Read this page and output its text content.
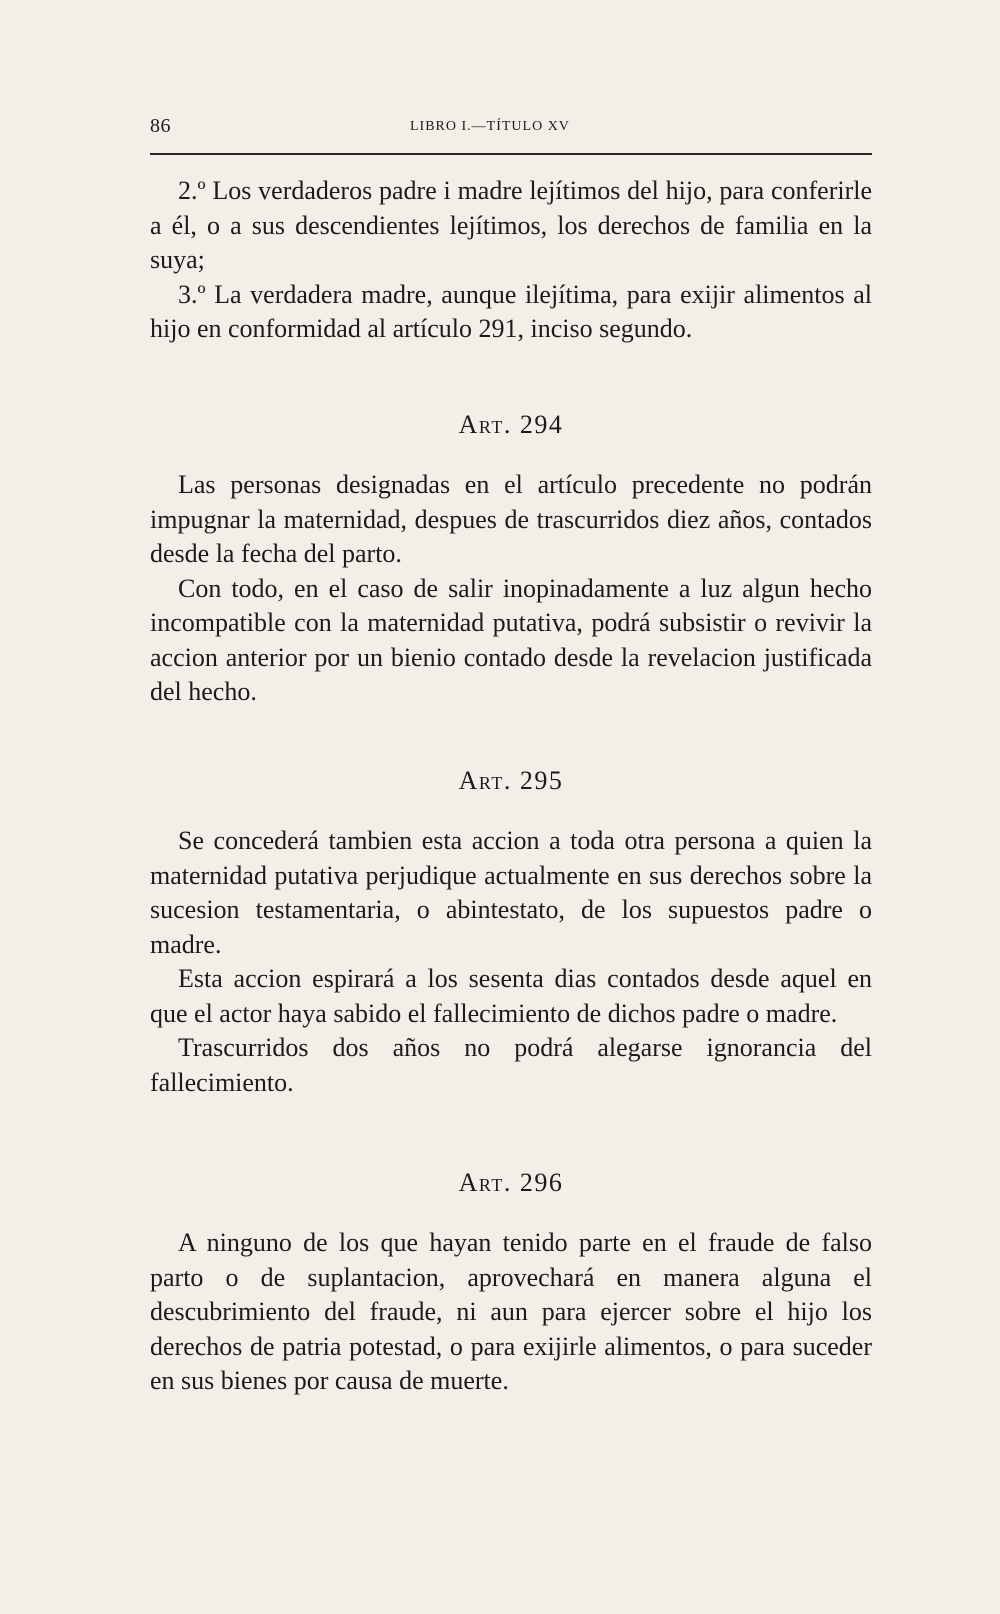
86	LIBRO I.—TÍTULO XV

2.º Los verdaderos padre i madre lejítimos del hijo, para conferirle a él, o a sus descendientes lejítimos, los derechos de familia en la suya;

3.º La verdadera madre, aunque ilejítima, para exijir alimentos al hijo en conformidad al artículo 291, inciso segundo.

Art. 294

Las personas designadas en el artículo precedente no podrán impugnar la maternidad, despues de trascurridos diez años, contados desde la fecha del parto.

Con todo, en el caso de salir inopinadamente a luz algun hecho incompatible con la maternidad putativa, podrá subsistir o revivir la accion anterior por un bienio contado desde la revelacion justificada del hecho.

Art. 295

Se concederá tambien esta accion a toda otra persona a quien la maternidad putativa perjudique actualmente en sus derechos sobre la sucesion testamentaria, o abintestato, de los supuestos padre o madre.

Esta accion espirará a los sesenta dias contados desde aquel en que el actor haya sabido el fallecimiento de dichos padre o madre.

Trascurridos dos años no podrá alegarse ignorancia del fallecimiento.

Art. 296

A ninguno de los que hayan tenido parte en el fraude de falso parto o de suplantacion, aprovechará en manera alguna el descubrimiento del fraude, ni aun para ejercer sobre el hijo los derechos de patria potestad, o para exijirle alimentos, o para suceder en sus bienes por causa de muerte.
